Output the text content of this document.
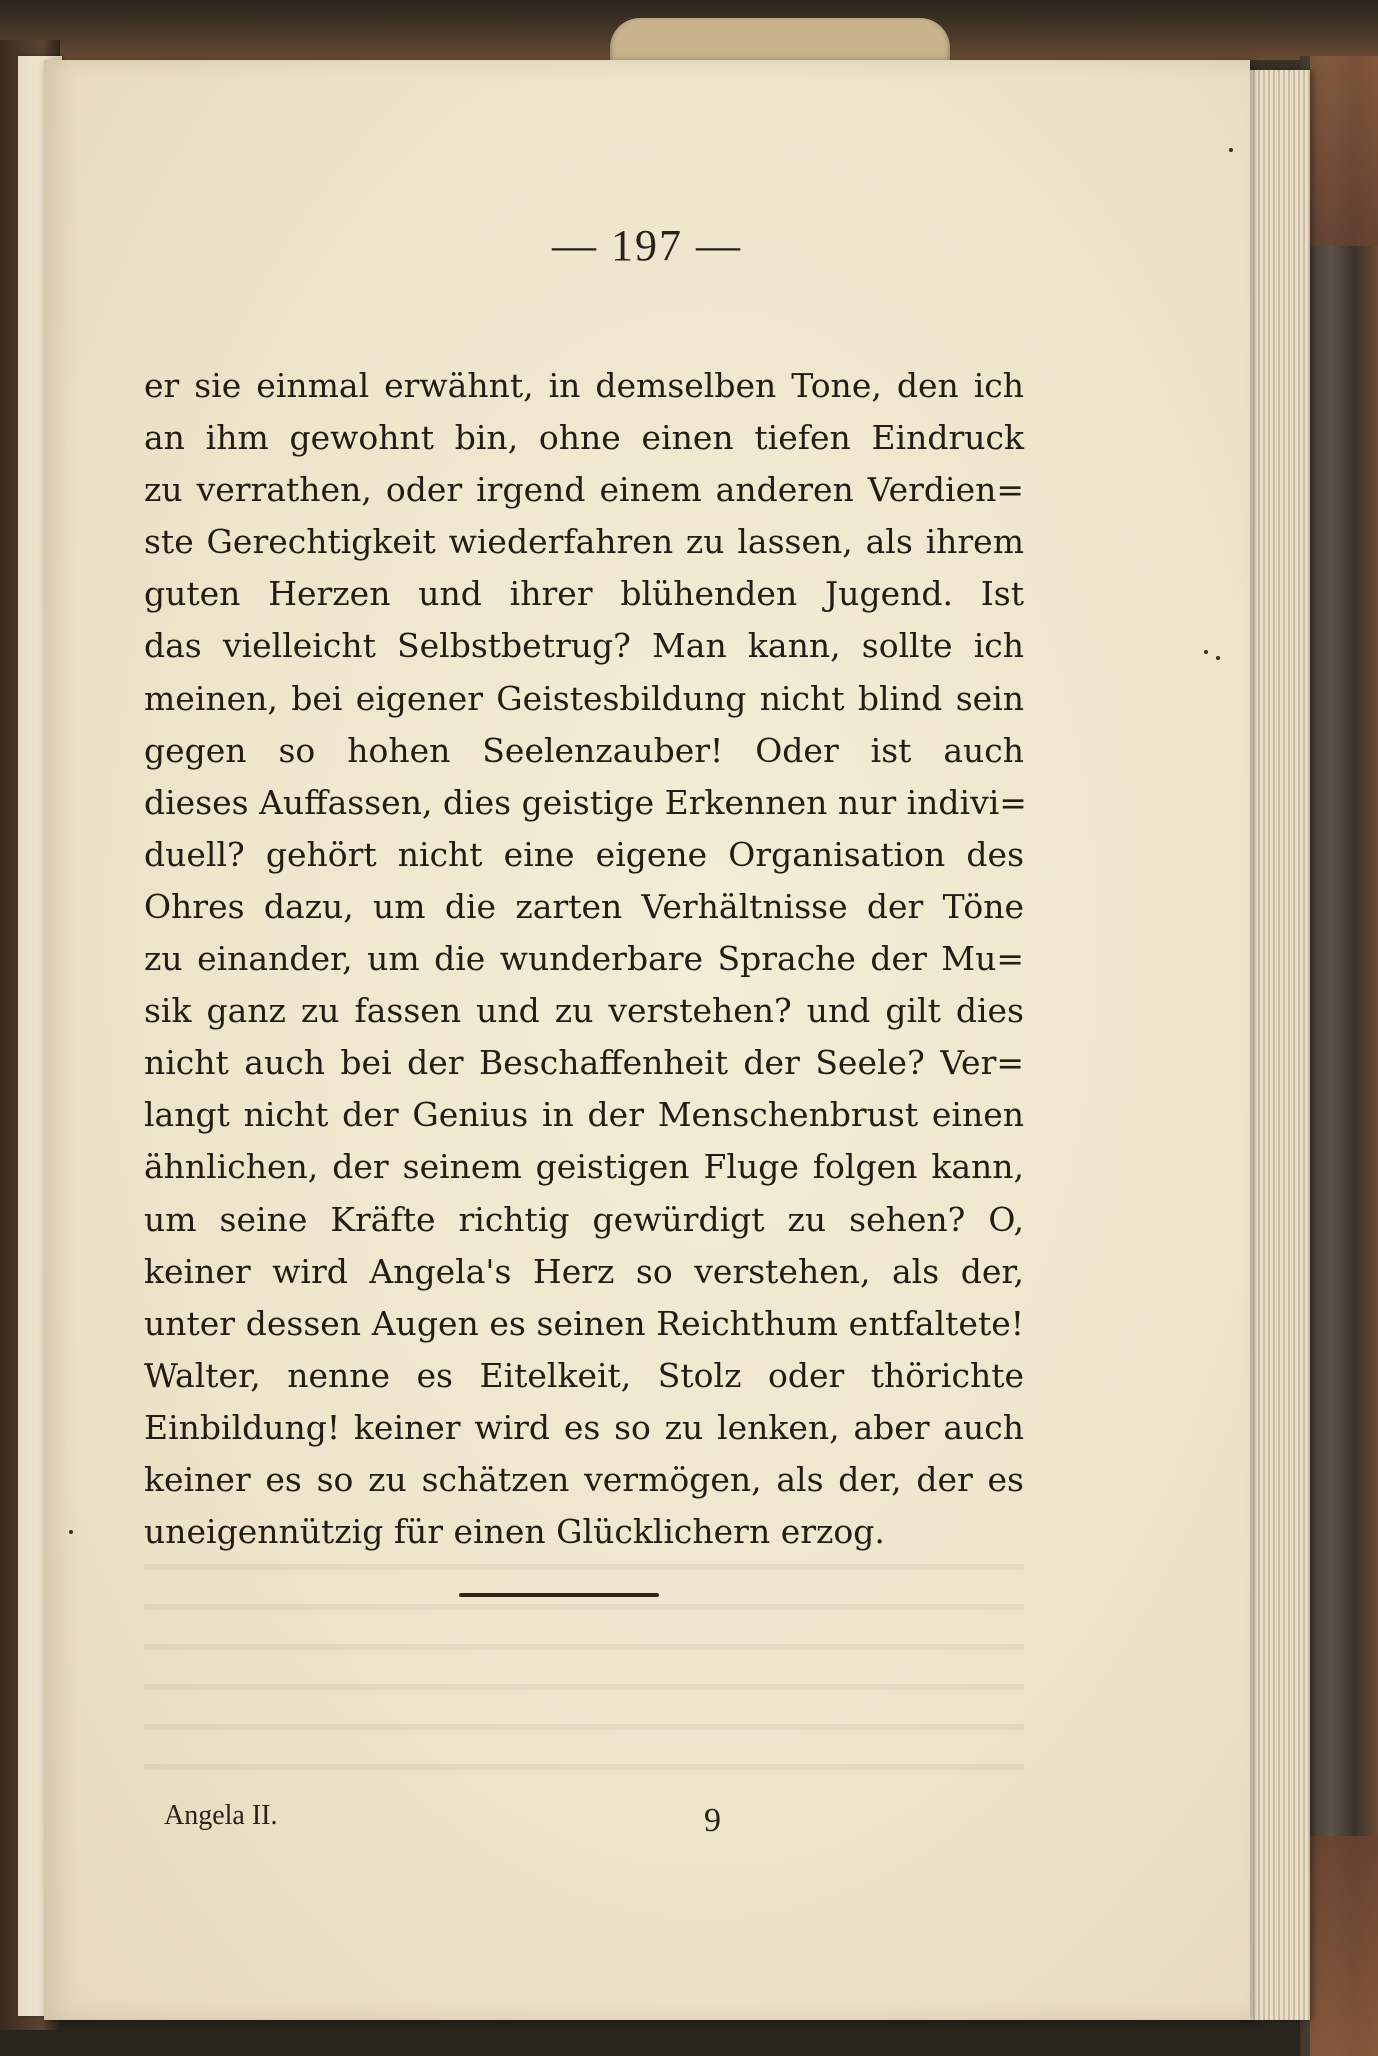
— 197 —
er sie einmal erwähnt, in demselben Tone, den ich
an ihm gewohnt bin, ohne einen tiefen Eindruck
zu verrathen, oder irgend einem anderen Verdien=
ste Gerechtigkeit wiederfahren zu lassen, als ihrem
guten Herzen und ihrer blühenden Jugend. Ist
das vielleicht Selbstbetrug? Man kann, sollte ich
meinen, bei eigener Geistesbildung nicht blind sein
gegen so hohen Seelenzauber! Oder ist auch
dieses Auffassen, dies geistige Erkennen nur indivi=
duell? gehört nicht eine eigene Organisation des
Ohres dazu, um die zarten Verhältnisse der Töne
zu einander, um die wunderbare Sprache der Mu=
sik ganz zu fassen und zu verstehen? und gilt dies
nicht auch bei der Beschaffenheit der Seele? Ver=
langt nicht der Genius in der Menschenbrust einen
ähnlichen, der seinem geistigen Fluge folgen kann,
um seine Kräfte richtig gewürdigt zu sehen? O,
keiner wird Angela's Herz so verstehen, als der,
unter dessen Augen es seinen Reichthum entfaltete!
Walter, nenne es Eitelkeit, Stolz oder thörichte
Einbildung! keiner wird es so zu lenken, aber auch
keiner es so zu schätzen vermögen, als der, der es
uneigennützig für einen Glücklichern erzog.
Angela II.	9
